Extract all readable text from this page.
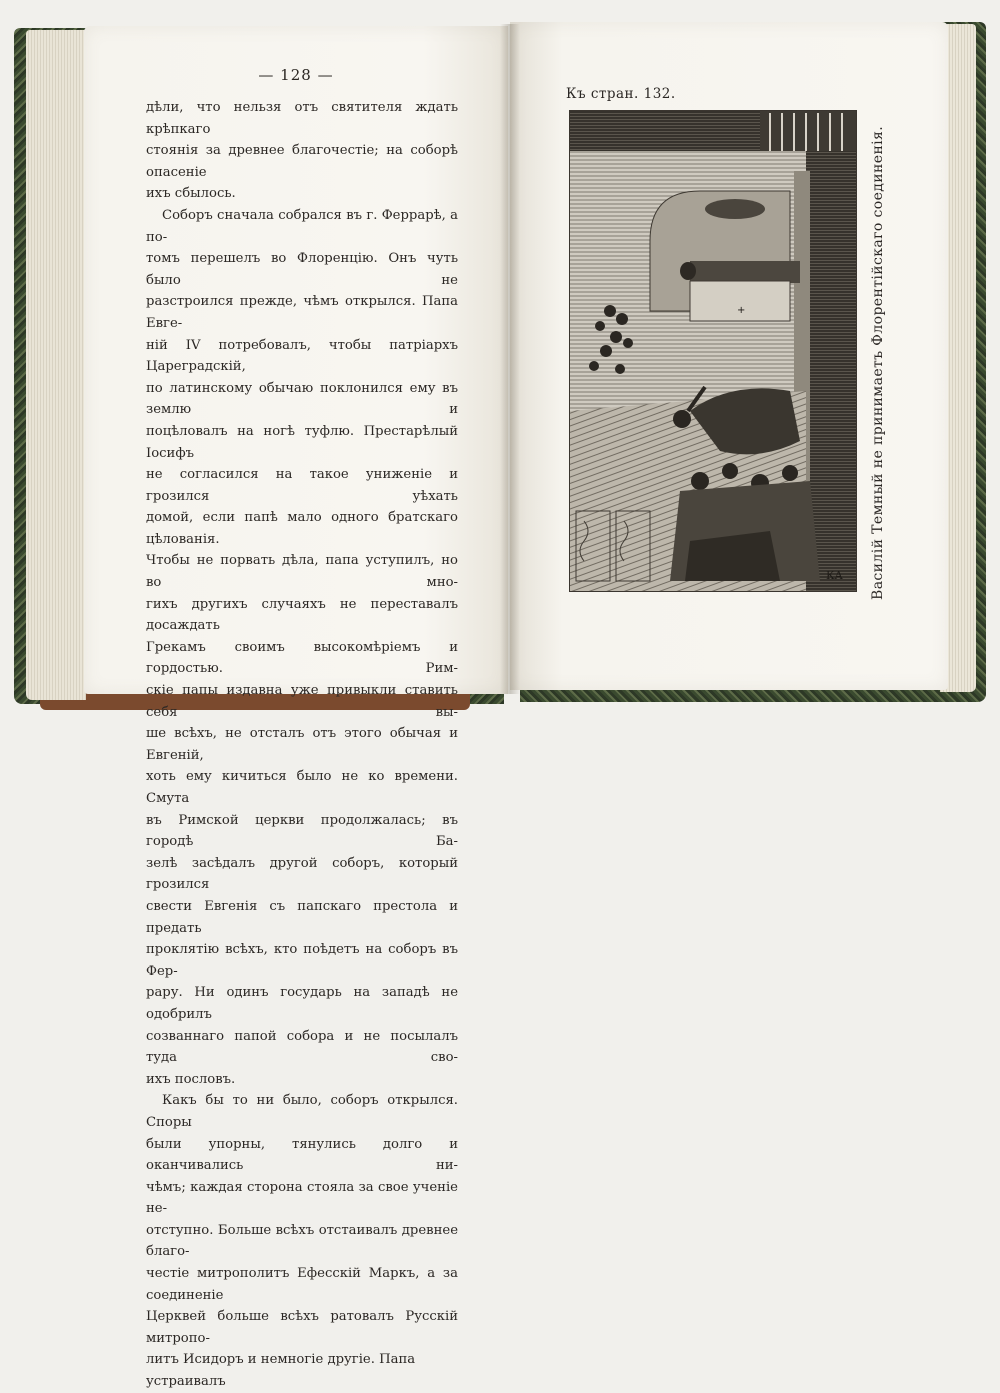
— 128 —

дѣли, что нельзя отъ святителя ждать крѣпкаго
стоянія за древнее благочестіе; на соборѣ опасеніе
ихъ сбылось.

Соборъ сначала собрался въ г. Феррарѣ, а по-
томъ перешелъ во Флоренцію. Онъ чуть было не
разстроился прежде, чѣмъ открылся. Папа Евге-
ній IV потребовалъ, чтобы патріархъ Цареградскій,
по латинскому обычаю поклонился ему въ землю и
поцѣловалъ на ногѣ туфлю. Престарѣлый Іосифъ
не согласился на такое униженіе и грозился уѣхать
домой, если папѣ мало одного братскаго цѣлованія.
Чтобы не порвать дѣла, папа уступилъ, но во мно-
гихъ другихъ случаяхъ не переставалъ досаждать
Грекамъ своимъ высокомѣріемъ и гордостью. Рим-
скіе папы издавна уже привыкли ставить себя вы-
ше всѣхъ, не отсталъ отъ этого обычая и Евгеній,
хоть ему кичиться было не ко времени. Смута
въ Римской церкви продолжалась; въ городѣ Ба-
зелѣ засѣдалъ другой соборъ, который грозился
свести Евгенія съ папскаго престола и предать
проклятію всѣхъ, кто поѣдетъ на соборъ въ Фер-
рару. Ни одинъ государь на западѣ не одобрилъ
созваннаго папой собора и не посылалъ туда сво-
ихъ пословъ.

Какъ бы то ни было, соборъ открылся. Споры
были упорны, тянулись долго и оканчивались ни-
чѣмъ; каждая сторона стояла за свое ученіе не-
отступно. Больше всѣхъ отстаивалъ древнее благо-
честіе митрополитъ Ефесскій Маркъ, а за соединеніе
Церквей больше всѣхъ ратовалъ Русскій митропо-
литъ Исидоръ и немногіе другіе. Папа устраивалъ

Къ стран. 132.
+
КА Василій Темный не принимаетъ Флорентійскаго соединенія.
